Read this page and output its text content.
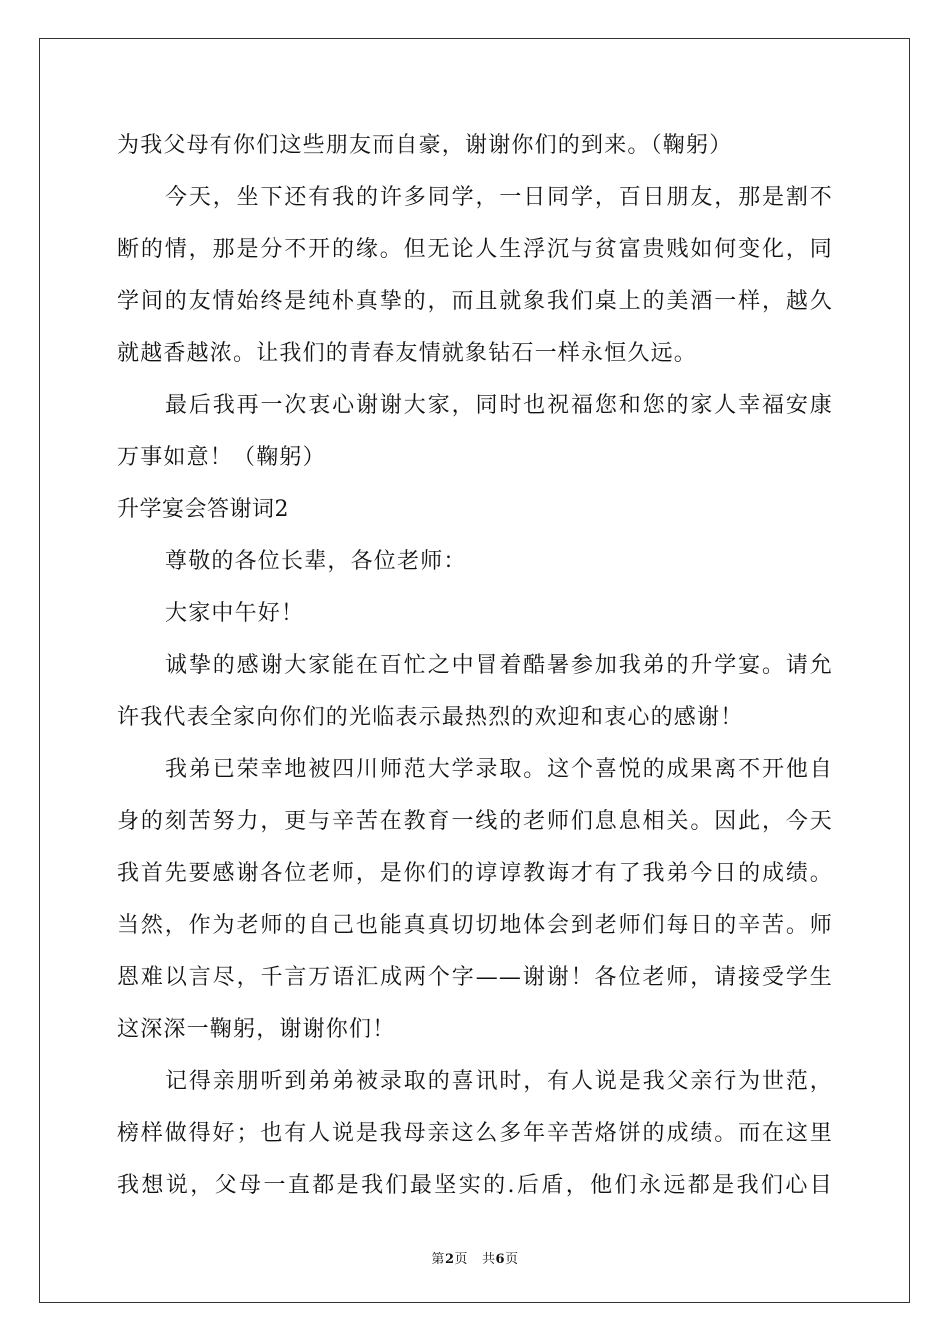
为我父母有你们这些朋友而自豪，谢谢你们的到来。（鞠躬）
今天，坐下还有我的许多同学，一日同学，百日朋友，那是割不
断的情，那是分不开的缘。但无论人生浮沉与贫富贵贱如何变化，同
学间的友情始终是纯朴真挚的，而且就象我们桌上的美酒一样，越久
就越香越浓。让我们的青春友情就象钻石一样永恒久远。
最后我再一次衷心谢谢大家，同时也祝福您和您的家人幸福安康
万事如意！（鞠躬）
升学宴会答谢词2
尊敬的各位长辈，各位老师：
大家中午好！
诚挚的感谢大家能在百忙之中冒着酷暑参加我弟的升学宴。请允
许我代表全家向你们的光临表示最热烈的欢迎和衷心的感谢！
我弟已荣幸地被四川师范大学录取。这个喜悦的成果离不开他自
身的刻苦努力，更与辛苦在教育一线的老师们息息相关。因此，今天
我首先要感谢各位老师，是你们的谆谆教诲才有了我弟今日的成绩。
当然，作为老师的自己也能真真切切地体会到老师们每日的辛苦。师
恩难以言尽，千言万语汇成两个字——谢谢！各位老师，请接受学生
这深深一鞠躬，谢谢你们！
记得亲朋听到弟弟被录取的喜讯时，有人说是我父亲行为世范，
榜样做得好；也有人说是我母亲这么多年辛苦烙饼的成绩。而在这里
我想说，父母一直都是我们最坚实的.后盾，他们永远都是我们心目
第2页 共6页
